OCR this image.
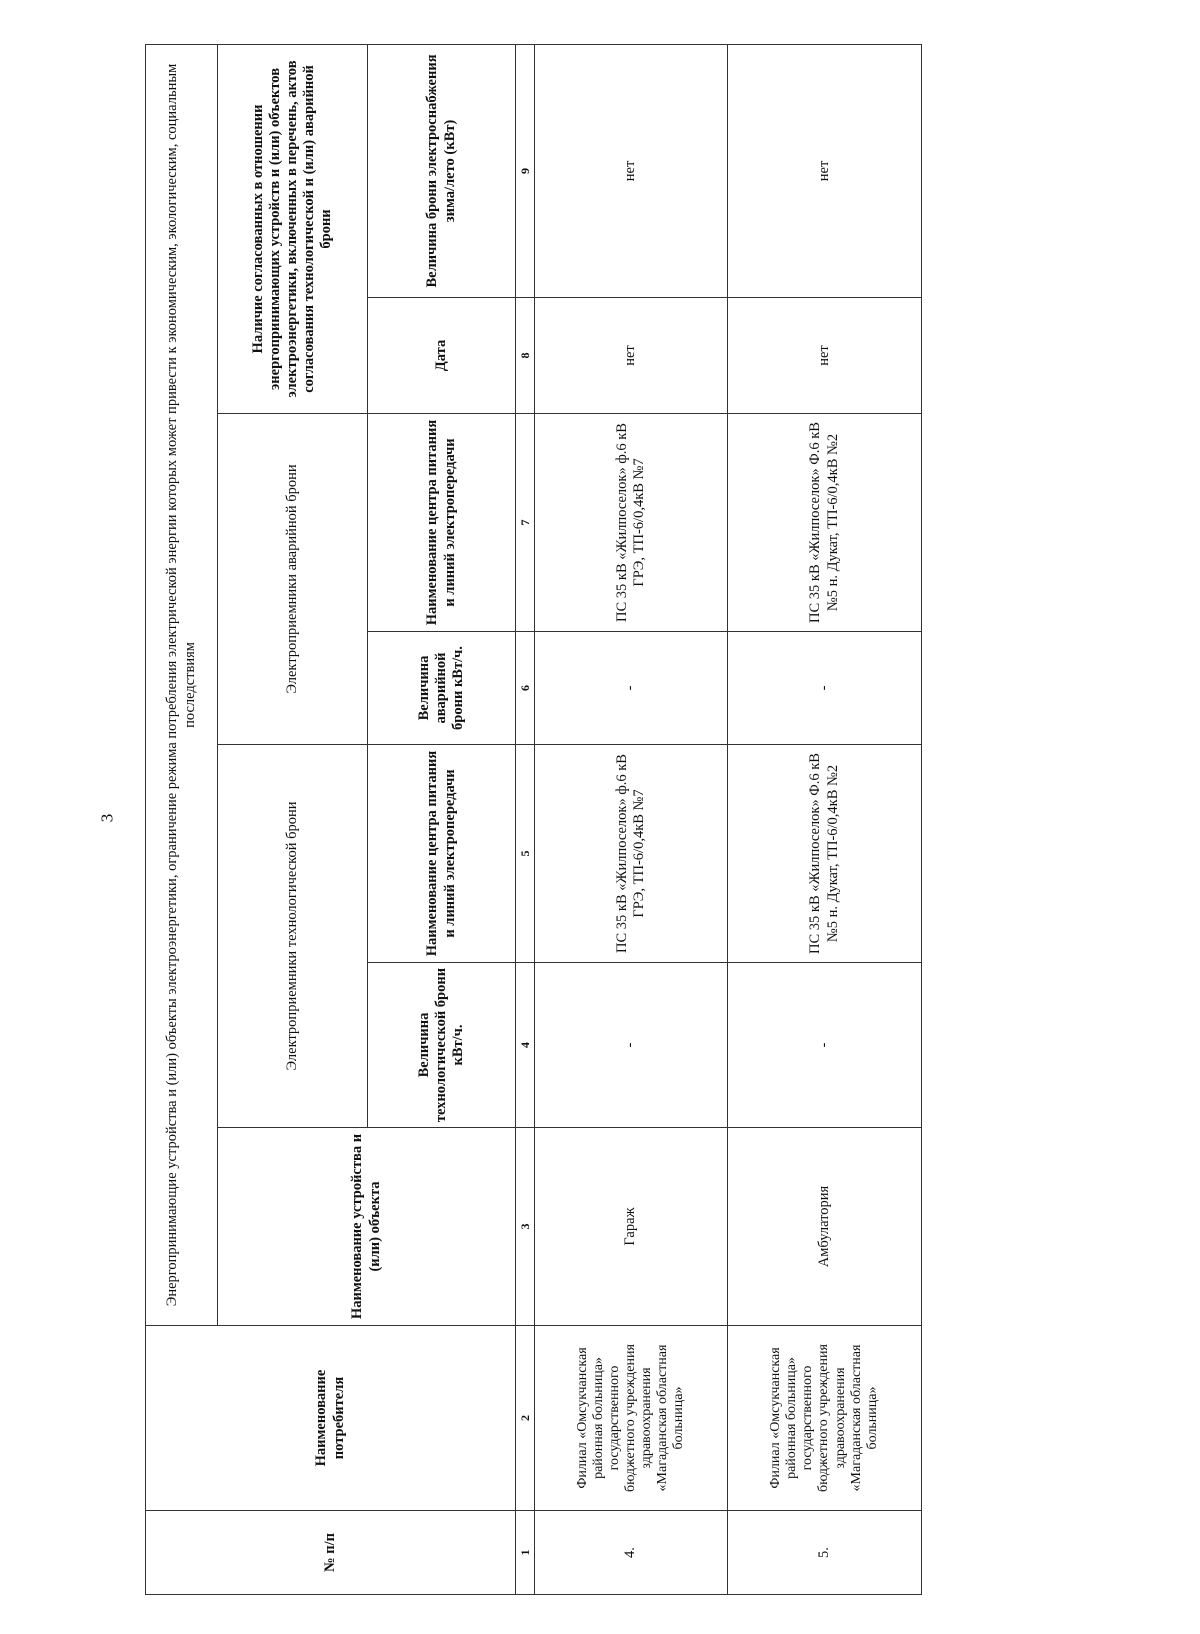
3
№ п/п	Наименование потребителя	Энергопринимающие устройства и (или) объекты электроэнергетики, ограничение режима потребления электрической энергии которых может привести к экономическим, экологическим, социальным последствиям						
		Наименование устройства и (или) объекта	Электроприемники технологической брони		Электроприемники аварийной брони		Наличие согласованных в отношении энергопринимающих устройств и (или) объектов электроэнергетики, включенных в перечень, актов согласования технологической и (или) аварийной брони	
			Величина технологической брони кВт/ч.	Наименование центра питания и линий электропередачи	Величина аварийной брони кВт/ч.	Наименование центра питания и линий электропередачи	Дата	Величина брони электроснабжения зима/лето (кВт)
1	2	3	4	5	6	7	8	9
4.	Филиал «Омсукчанская районная больница» государственного бюджетного учреждения здравоохранения «Магаданская областная больница»	Гараж	-	ПС 35 кВ «Жилпоселок» ф.6 кВ ГРЭ, ТП-6/0,4кВ №7	-	ПС 35 кВ «Жилпоселок» ф.6 кВ ГРЭ, ТП-6/0,4кВ №7	нет	нет
5.	Филиал «Омсукчанская районная больница» государственного бюджетного учреждения здравоохранения «Магаданская областная больница»	Амбулатория	-	ПС 35 кВ «Жилпоселок» Ф.6 кВ №5 н. Дукат, ТП-6/0,4кВ №2	-	ПС 35 кВ «Жилпоселок» Ф.6 кВ №5 н. Дукат, ТП-6/0,4кВ №2	нет	нет
